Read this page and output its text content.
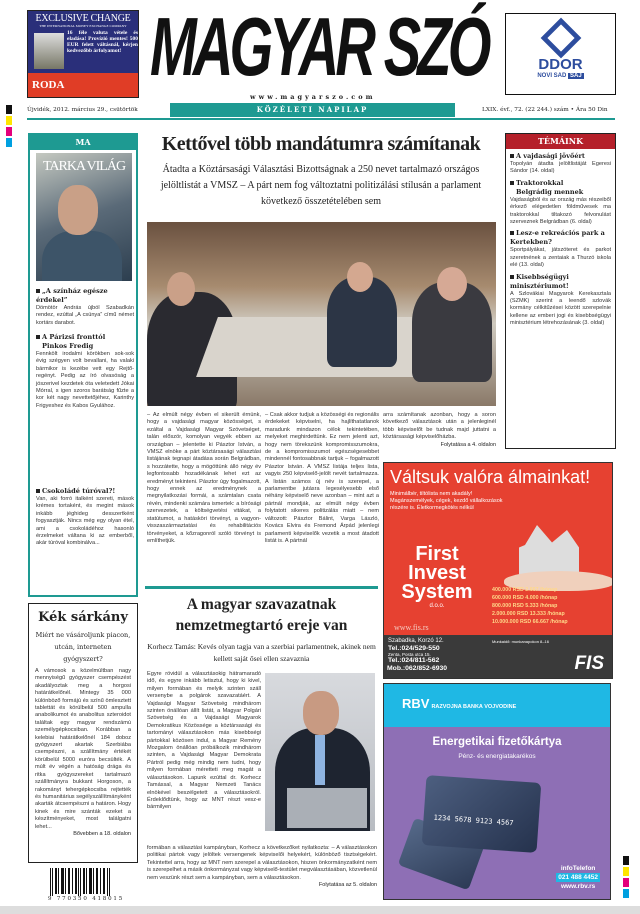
EXCLUSIVE CHANGE
THE INTERNATIONAL MONEY EXCHANGE COMPANY
16 féle valuta vétele és eladása! Provízió mentes! 500 EUR felett váltásnál, kérjen kedvezőbb árfolyamot!
RODA	MAGYAR SZÓ
www.magyarszo.com
DDOR
NOVI SAD SAJ
Újvidék, 2012. március 29., csütörtök	KÖZÉLETI NAPILAP	LXIX. évf., 72. (22 244.) szám • Ára 50 Din
MA
TARKA VILÁG
„A színház egésze érdekel”
Dömötör András újból Szabadkán rendez, ezúttal „A csünya” című német kortárs darabot.
A Párizsi fronttól
Pinkos Fredig
Fennkölt irodalmi körökben sok-sok évig szégyen volt bevallani, ha valaki bármikor is kezébe vett egy Rejtő-regényt. Pedig az író olvasóság a jószerivel kezdetek óta veletedett Jókai Mórral, s igen szoros barátság fűzte a kor két nagy nevettetőjéhez, Karinthy Frigyeshez és Kabos Gyulához.
Csokoládé túróval?!
Van, aki forró italként szereti, mások krémes tortaként, és megint mások inkább jéghideg desszertként fogyasztják. Nincs még egy olyan étel, ami a csokoládéhoz hasonló érzelmeket váltana ki az emberből, akár túróval kombinálva...
Kék sárkány
Miért ne vásároljunk piacon, utcán, interneten gyógyszert?
A vámosok a közelmúltban nagy mennyiségű gyógyszer csempészést akadályoztak meg a horgosi határátkelőnél. Mintegy 35 000 különböző formájú és színű ömlesztett tablettát és körülbelül 500 ampulla anabolikumot és anabolitus szteroidot találtak egy magyar rendszámú személygépkocsiban. Korábban a kelebiai határátkelőnél 184 doboz gyógyszert akartak Szerbiába csempészni, a szállítmány értékét körülbelül 5000 euróra becsülték. A múlt év végén a hatóság drága és ritka gyógyszereket tartalmazó szállítmányra bukkant Horgoson, a rakományt tehergépkocsiba rejtették és humanitárius segélyszállítmányként akarták átcsempészni a határon. Hogy kinek és mire szánták ezeket a készítményeket, most találgatni lehet...
Bővebben a 18. oldalon
9 770350 418015
Kettővel több mandátumra számítanak
Átadta a Köztársasági Választási Bizottságnak a 250 nevet tartalmazó országos jelöltlistát a VMSZ – A párt nem fog változtatni politizálási stílusán a parlament következő összetételében sem
– Az elmúlt négy évben el sikerült érnünk, hogy a vajdasági magyar közösséget, s ezáltal a Vajdasági Magyar Szövetséget, talán először, komolyan vegyék ebben az országban – jelentette ki Pásztor István, a VMSZ elnöke a párt köztársasági választási listájának tegnapi átadása során Belgrádban, s hozzátette, hogy a mögöttünk álló négy év legfontosabb hozadékának lehet ezt az eredményt tekinteni. Pásztor úgy fogalmazott, hogy ennek az eredménynek a megnyilatkozási formái, a számtalan csata révén, mindenki számára ismertek: a bírósági szervezetek, a költségvetési vitákat, a statútumot, a hatásköri törvényt, a vagyon-visszaszármaztatási és rehabilitációs törvényeket, a kőzragonról szóló törvényt is említhetjük.
– Csak akkor tudjuk a közösségi és regionális érdekeket képviselni, ha hajlíthatatlanok maradunk mindazon célok tekintetében, melyeket meghirdettünk. Ez nem jelenti azt, hogy nem törekszünk kompromisszumokra, de a kompromisszumot egészségesebbet mindennél fontosabbnak tartjuk – fogalmazott Pásztor István. A VMSZ listája teljes lista, vagyis 250 képviselő-jelölt nevét tartalmazza. A listán számos új név is szerepel, a parlamentbe jutásra legesélyesebb első néhány képviselő neve azonban – mint azt a pártnál mondják, az elmúlt négy évben folytatott sikeres politizálás miatt – nem változott: Pásztor Bálint, Varga László, Kovács Elvira és Fremond Árpád jelenlegi parlamenti képviselők vezetik a most átadott listát is. A pártnál
arra számítanak azonban, hogy a soron következő választások után a jelenleginél több képviselőt be tudnak majd juttatni a köztársasági képviselőházba.
Folytatása a 4. oldalon
A magyar szavazatnak nemzetmegtartó ereje van
Korhecz Tamás: Kevés olyan tagja van a szerbiai parlamentnek, akinek nem kellett saját ősei ellen szavaznia
Egyre rövidül a választásokig hátramaradó idő, és egyre inkább letisztul, hogy ki kivel, milyen formában és melyik szinten száll versenybe a polgárok szavazatáért. A Vajdasági Magyar Szövetség mindhárom szinten önállóan állít listát, a Magyar Polgári Szövetség és a Vajdasági Magyarok Demokratikus Közössége a köztársasági és tartományi választásokon más kisebbségi pártokkal közösen indul, a Magyar Remény Mozgalom önállóan próbálkozik mindhárom szinten, a Vajdasági Magyar Demokrata Pártról pedig még mindig nem tudni, hogy milyen formában méretteti meg magát a választásokon. Lapunk ezúttal dr. Korhecz Tamással, a Magyar Nemzeti Tanács elnökével beszélgetett a választásokról. Érdeklődtünk, hogy az MNT részt vesz-e bármilyen
formában a választási kampányban, Korhecz a következőket nyilatkozta: – A választásokon politikai pártok vagy jelöltek versengenek képviselői helyekért, különböző tisztségekért. Tekintettel arra, hogy az MNT nem szerepel a választásokon, hiszen önkormányzatként nem is szerepelhet a másik önkormányzat vagy képviselő-testület megválasztásában, közvetlenül nem veszünk részt sem a kampányban, sem a választásokon.
Folytatása az 5. oldalon
TÉMÁINK
A vajdasági jövőért
Topolyán átadta jelöltlistáját Egeresi Sándor (14. oldal)
Traktorokkal
Belgrádig mennek
Vajdaságból és az ország más részeiből érkező elégedetlen földművesek ma traktorokkal tiltakozó felvonulást szerveznek Belgrádban (6. oldal)
Lesz-e rekreációs park a Kertekben?
Sportpályákat, játszóteret és parkot szeretnének a zentaiak a Thurzó iskola elé (13. oldal)
Kisebbségügyi minisztériumot!
A Szlovákiai Magyarok Kerekasztala (SZMK) szerint a leendő szlovák kormány célkitűzései között szerepelnie kellene az emberi jogi és kisebbségügyi minisztérium létrehozásának (3. oldal)
Váltsuk valóra álmainkat!
Minimálbér, tiltólista nem akadály! Magánszemélyek, cégek, kezdő vállalkozások részére is. Életkormegkötés nélkül
First Invest System
d.o.o.
400.000 RSD 2.667 /hónap
600.000 RSD 4.000 /hónap
800.000 RSD 5.333 /hónap
2.000.000 RSD 13.333 /hónap
10.000.000 RSD 66.667 /hónap
www.fis.rs
Szabadka, Korzó 12.
Tel.:024/529-550
Zenta, Posta utca 15.
Tel.:024/811-562
Munkaidő: munkanapokon 8–16
FIS
Mob.:062/852-6930
RBV RAZVOJNA BANKA VOJVODINE
Energetikai fizetőkártya
Pénz- és energiatakarékos
1234 5678 9123 4567
infoTelefon
021 488 4452
www.rbv.rs
